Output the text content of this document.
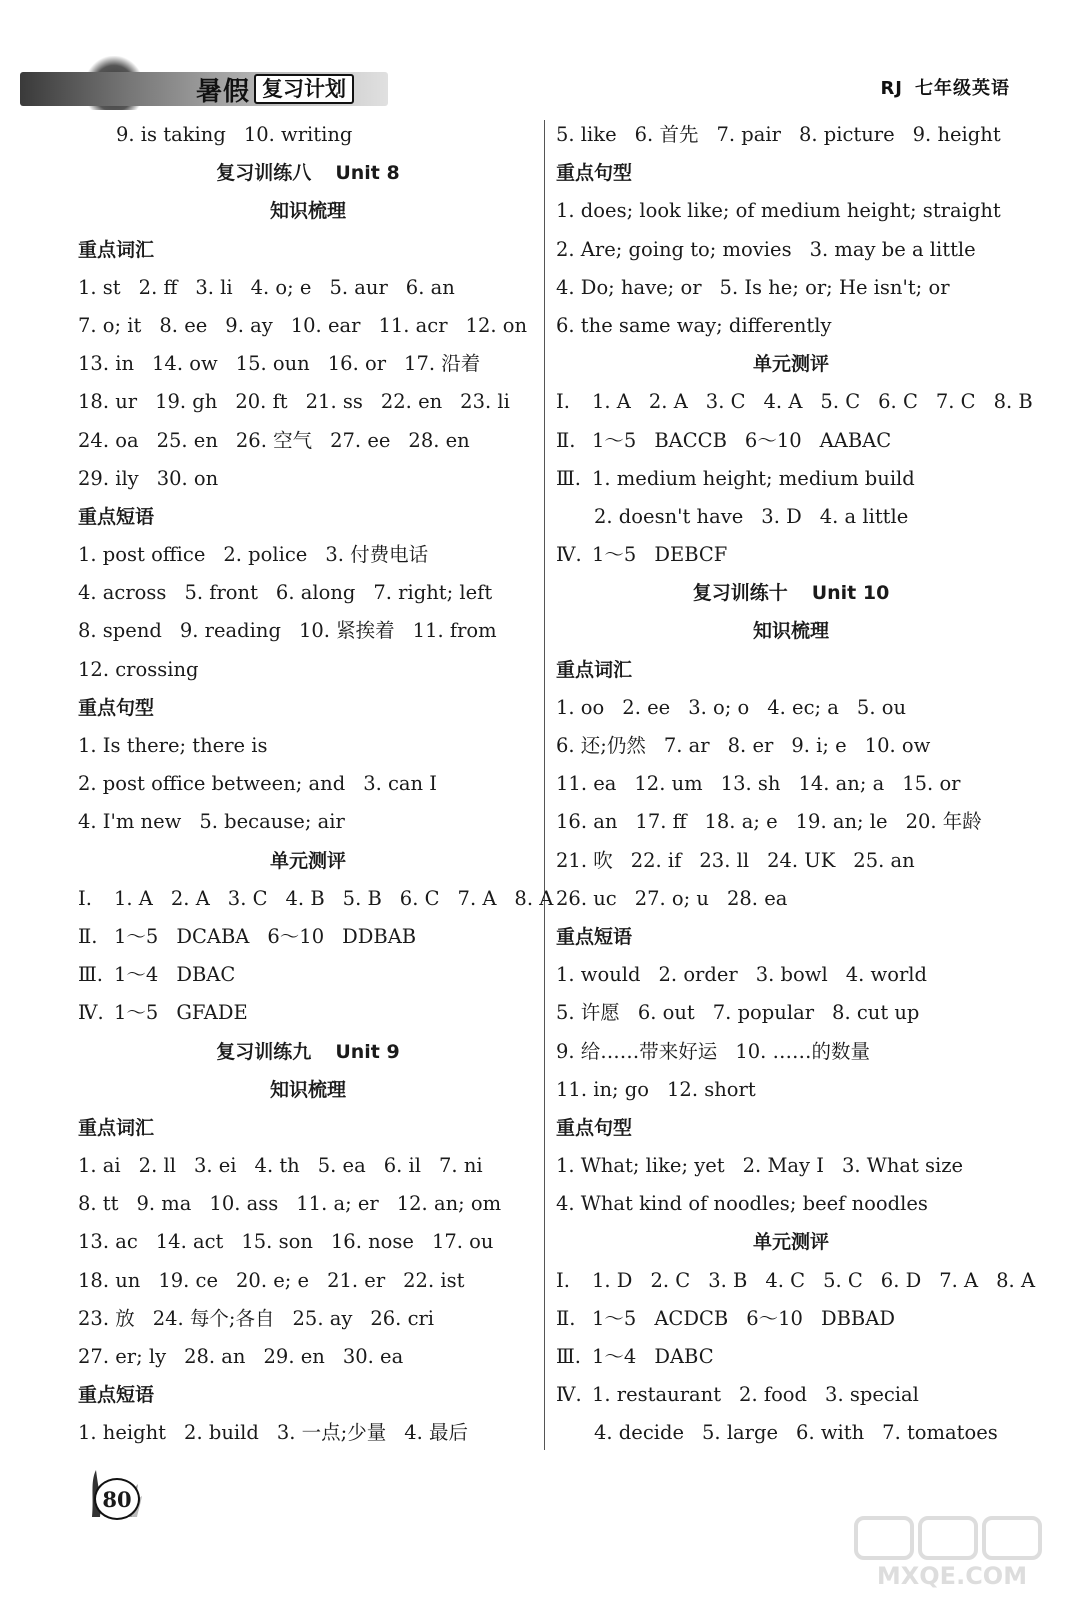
暑假 复习计划	RJ 七年级英语
9. is taking 10. writing
复习训练八 Unit 8
知识梳理
重点词汇
1. st 2. ff 3. li 4. o; e 5. aur 6. an
7. o; it 8. ee 9. ay 10. ear 11. acr 12. on
13. in 14. ow 15. oun 16. or 17. 沿着
18. ur 19. gh 20. ft 21. ss 22. en 23. li
24. oa 25. en 26. 空气 27. ee 28. en
29. ily 30. on
重点短语
1. post office 2. police 3. 付费电话
4. across 5. front 6. along 7. right; left
8. spend 9. reading 10. 紧挨着 11. from
12. crossing
重点句型
1. Is there; there is
2. post office between; and 3. can I
4. I'm new 5. because; air
单元测评
Ⅰ. 1. A 2. A 3. C 4. B 5. B 6. C 7. A 8. A
Ⅱ. 1～5 DCABA 6～10 DDBAB
Ⅲ. 1～4 DBAC
Ⅳ. 1～5 GFADE
复习训练九 Unit 9
知识梳理
重点词汇
1. ai 2. ll 3. ei 4. th 5. ea 6. il 7. ni
8. tt 9. ma 10. ass 11. a; er 12. an; om
13. ac 14. act 15. son 16. nose 17. ou
18. un 19. ce 20. e; e 21. er 22. ist
23. 放 24. 每个;各自 25. ay 26. cri
27. er; ly 28. an 29. en 30. ea
重点短语
1. height 2. build 3. 一点;少量 4. 最后
5. like 6. 首先 7. pair 8. picture 9. height
重点句型
1. does; look like; of medium height; straight
2. Are; going to; movies 3. may be a little
4. Do; have; or 5. Is he; or; He isn't; or
6. the same way; differently
单元测评
Ⅰ. 1. A 2. A 3. C 4. A 5. C 6. C 7. C 8. B
Ⅱ. 1～5 BACCB 6～10 AABAC
Ⅲ. 1. medium height; medium build
2. doesn't have 3. D 4. a little
Ⅳ. 1～5 DEBCF
复习训练十 Unit 10
知识梳理
重点词汇
1. oo 2. ee 3. o; o 4. ec; a 5. ou
6. 还;仍然 7. ar 8. er 9. i; e 10. ow
11. ea 12. um 13. sh 14. an; a 15. or
16. an 17. ff 18. a; e 19. an; le 20. 年龄
21. 吹 22. if 23. ll 24. UK 25. an
26. uc 27. o; u 28. ea
重点短语
1. would 2. order 3. bowl 4. world
5. 许愿 6. out 7. popular 8. cut up
9. 给……带来好运 10. ……的数量
11. in; go 12. short
重点句型
1. What; like; yet 2. May I 3. What size
4. What kind of noodles; beef noodles
单元测评
Ⅰ. 1. D 2. C 3. B 4. C 5. C 6. D 7. A 8. A
Ⅱ. 1～5 ACDCB 6～10 DBBAD
Ⅲ. 1～4 DABC
Ⅳ. 1. restaurant 2. food 3. special
4. decide 5. large 6. with 7. tomatoes
80
MXQE.COM
